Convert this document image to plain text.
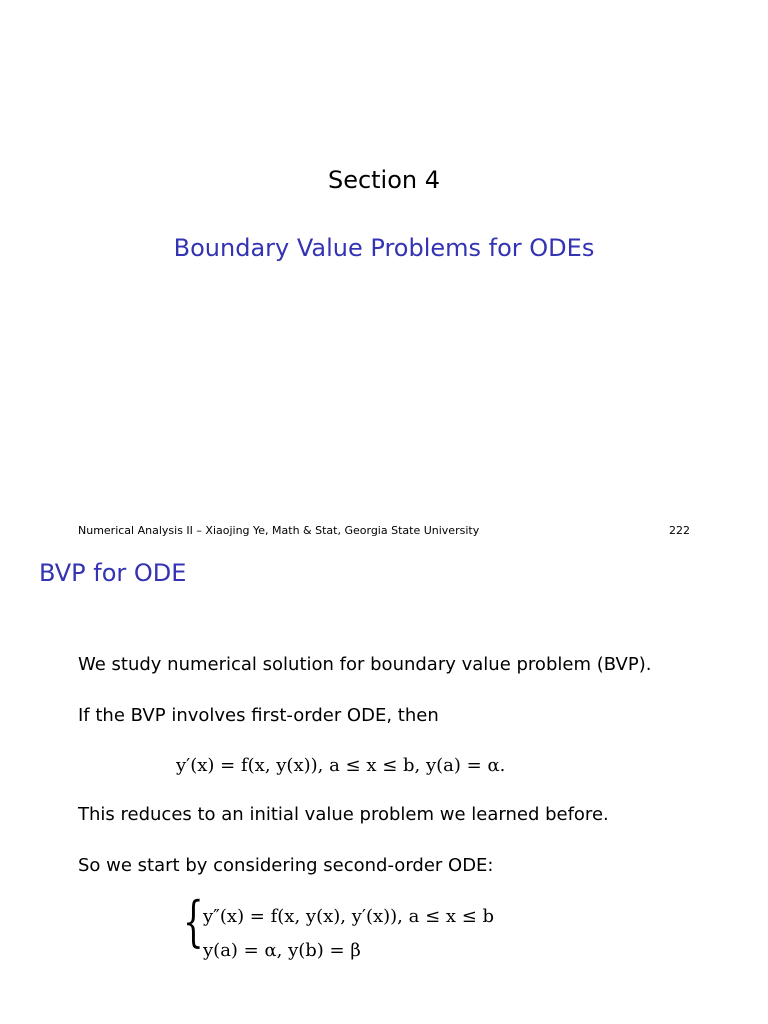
Section 4
Boundary Value Problems for ODEs
Numerical Analysis II – Xiaojing Ye, Math & Stat, Georgia State University	222
BVP for ODE
We study numerical solution for boundary value problem (BVP).
If the BVP involves first-order ODE, then
y′(x) = f(x, y(x)), a ≤ x ≤ b, y(a) = α.
This reduces to an initial value problem we learned before.
So we start by considering second-order ODE:
{ y″(x) = f(x, y(x), y′(x)), a ≤ x ≤ b
y(a) = α, y(b) = β
